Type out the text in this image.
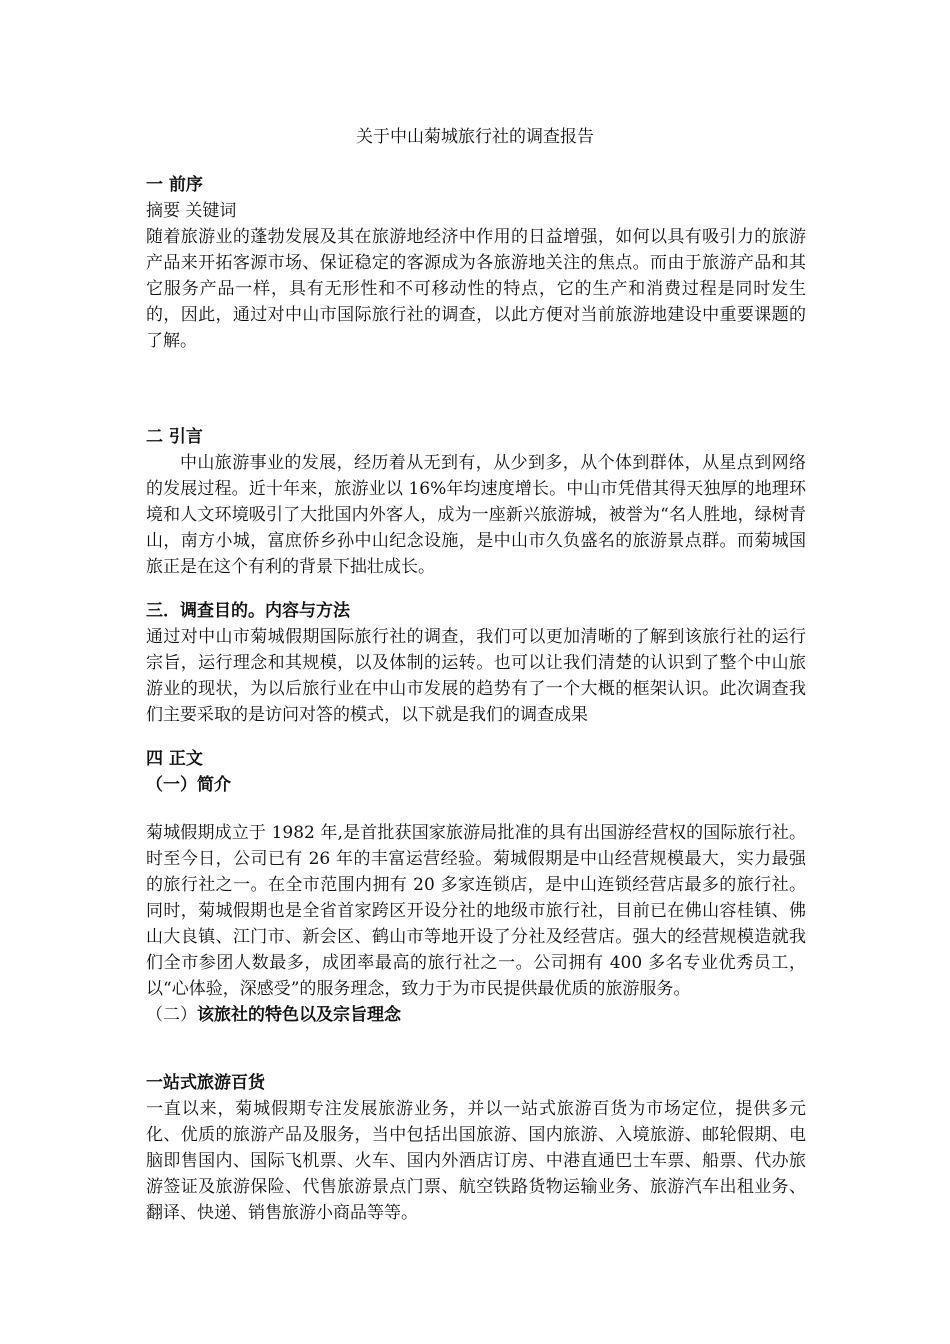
关于中山菊城旅行社的调查报告

一 前序

摘要 关键词

随着旅游业的蓬勃发展及其在旅游地经济中作用的日益增强，如何以具有吸引力的旅游产品来开拓客源市场、保证稳定的客源成为各旅游地关注的焦点。而由于旅游产品和其它服务产品一样，具有无形性和不可移动性的特点，它的生产和消费过程是同时发生的，因此，通过对中山市国际旅行社的调查，以此方便对当前旅游地建设中重要课题的了解。

二 引言

中山旅游事业的发展，经历着从无到有，从少到多，从个体到群体，从星点到网络的发展过程。近十年来，旅游业以 16%年均速度增长。中山市凭借其得天独厚的地理环境和人文环境吸引了大批国内外客人，成为一座新兴旅游城，被誉为“名人胜地，绿树青山，南方小城，富庶侨乡孙中山纪念设施，是中山市久负盛名的旅游景点群。而菊城国旅正是在这个有利的背景下拙壮成长。

三．调查目的。内容与方法

通过对中山市菊城假期国际旅行社的调查，我们可以更加清晰的了解到该旅行社的运行宗旨，运行理念和其规模，以及体制的运转。也可以让我们清楚的认识到了整个中山旅游业的现状，为以后旅行业在中山市发展的趋势有了一个大概的框架认识。此次调查我们主要采取的是访问对答的模式，以下就是我们的调查成果

四 正文

（一）简介

菊城假期成立于 1982 年,是首批获国家旅游局批准的具有出国游经营权的国际旅行社。时至今日，公司已有 26 年的丰富运营经验。菊城假期是中山经营规模最大，实力最强的旅行社之一。在全市范围内拥有 20 多家连锁店，是中山连锁经营店最多的旅行社。同时，菊城假期也是全省首家跨区开设分社的地级市旅行社，目前已在佛山容桂镇、佛山大良镇、江门市、新会区、鹤山市等地开设了分社及经营店。强大的经营规模造就我们全市参团人数最多，成团率最高的旅行社之一。公司拥有 400 多名专业优秀员工，以“心体验，深感受”的服务理念，致力于为市民提供最优质的旅游服务。

（二）该旅社的特色以及宗旨理念

一站式旅游百货

一直以来，菊城假期专注发展旅游业务，并以一站式旅游百货为市场定位，提供多元化、优质的旅游产品及服务，当中包括出国旅游、国内旅游、入境旅游、邮轮假期、电脑即售国内、国际飞机票、火车、国内外酒店订房、中港直通巴士车票、船票、代办旅游签证及旅游保险、代售旅游景点门票、航空铁路货物运输业务、旅游汽车出租业务、翻译、快递、销售旅游小商品等等。
